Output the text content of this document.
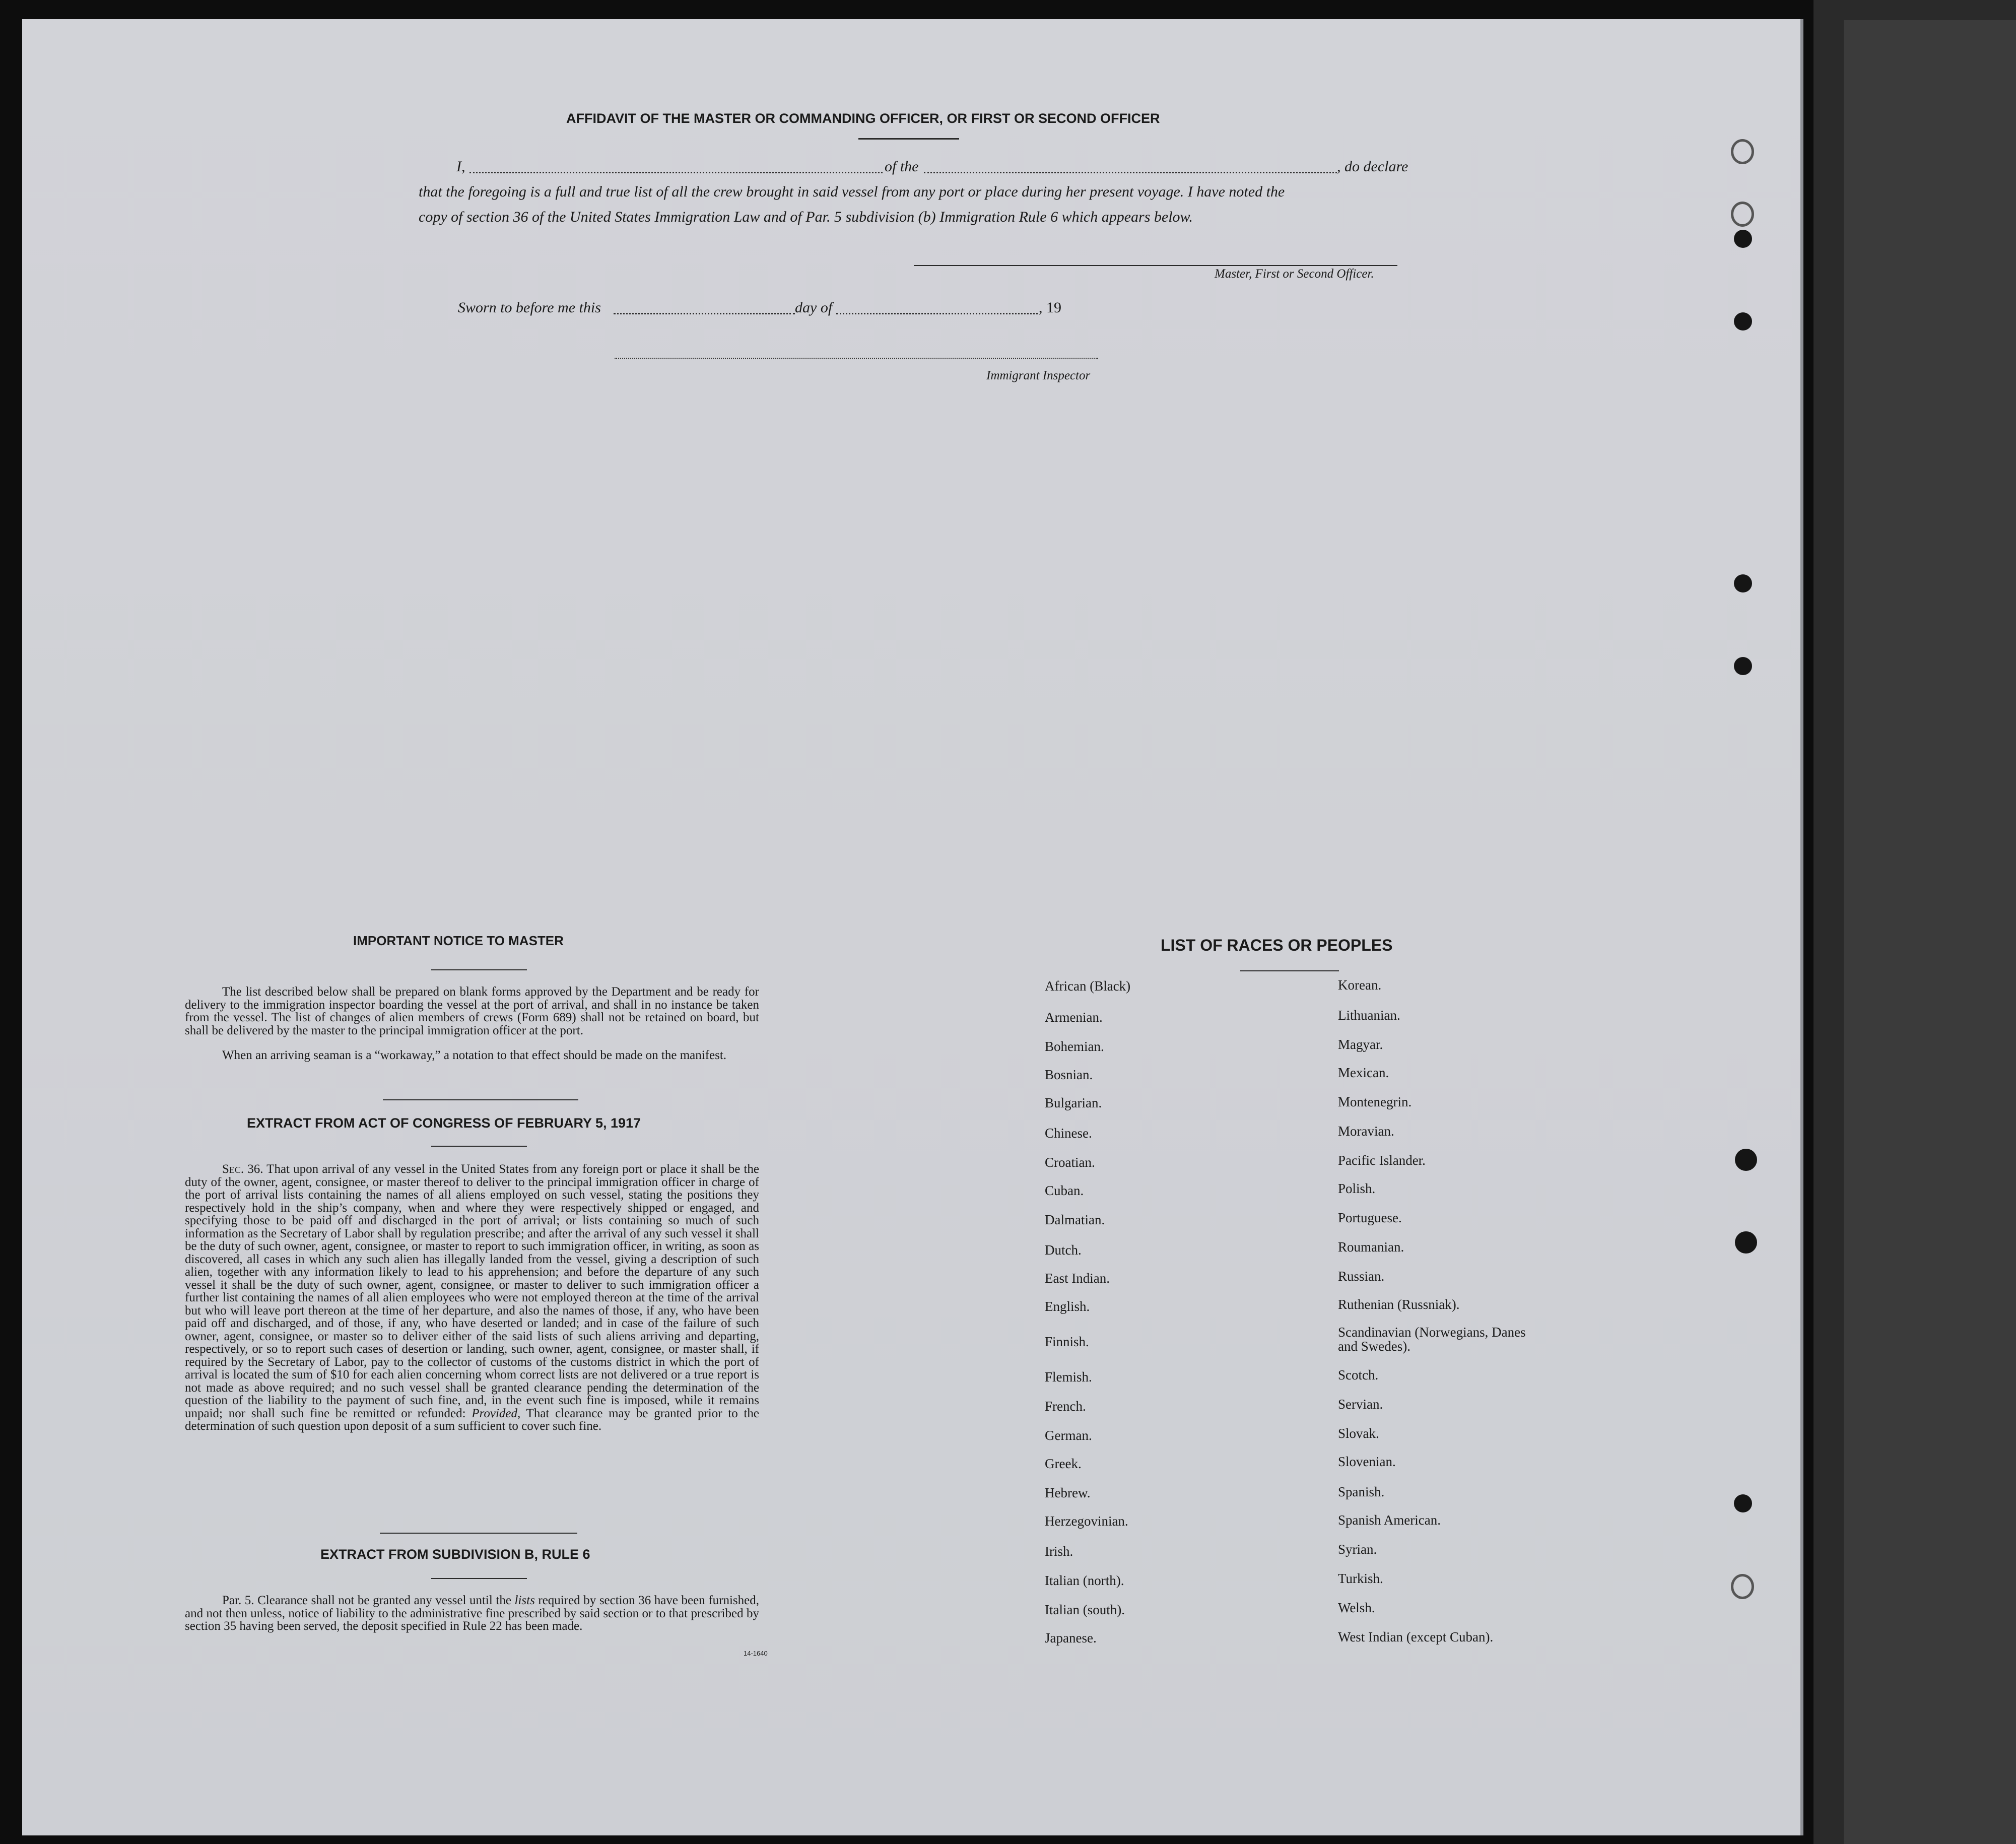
AFFIDAVIT OF THE MASTER OR COMMANDING OFFICER, OR FIRST OR SECOND OFFICER
I,	of the	, do declare
that the foregoing is a full and true list of all the crew brought in said vessel from any port or place during her present voyage. I have noted the
copy of section 36 of the United States Immigration Law and of Par. 5 subdivision (b) Immigration Rule 6 which appears below.
Master, First or Second Officer.
Sworn to before me this	day of	, 19
Immigrant Inspector
IMPORTANT NOTICE TO MASTER
The list described below shall be prepared on blank forms approved by the Department and be ready for delivery to the immigration inspector boarding the vessel at the port of arrival, and shall in no instance be taken from the vessel. The list of changes of alien members of crews (Form 689) shall not be retained on board, but shall be delivered by the master to the principal immigration officer at the port.
When an arriving seaman is a “workaway,” a notation to that effect should be made on the manifest.
EXTRACT FROM ACT OF CONGRESS OF FEBRUARY 5, 1917
Sec. 36. That upon arrival of any vessel in the United States from any foreign port or place it shall be the duty of the owner, agent, consignee, or master thereof to deliver to the principal immigration officer in charge of the port of arrival lists containing the names of all aliens employed on such vessel, stating the positions they respectively hold in the ship’s company, when and where they were respectively shipped or engaged, and specifying those to be paid off and discharged in the port of arrival; or lists containing so much of such information as the Secretary of Labor shall by regulation prescribe; and after the arrival of any such vessel it shall be the duty of such owner, agent, consignee, or master to report to such immigration officer, in writing, as soon as discovered, all cases in which any such alien has illegally landed from the vessel, giving a description of such alien, together with any information likely to lead to his apprehension; and before the departure of any such vessel it shall be the duty of such owner, agent, consignee, or master to deliver to such immigration officer a further list containing the names of all alien employees who were not employed thereon at the time of the arrival but who will leave port thereon at the time of her departure, and also the names of those, if any, who have been paid off and discharged, and of those, if any, who have deserted or landed; and in case of the failure of such owner, agent, consignee, or master so to deliver either of the said lists of such aliens arriving and departing, respectively, or so to report such cases of desertion or landing, such owner, agent, consignee, or master shall, if required by the Secretary of Labor, pay to the collector of customs of the customs district in which the port of arrival is located the sum of $10 for each alien concerning whom correct lists are not delivered or a true report is not made as above required; and no such vessel shall be granted clearance pending the determination of the question of the liability to the payment of such fine, and, in the event such fine is imposed, while it remains unpaid; nor shall such fine be remitted or refunded: Provided, That clearance may be granted prior to the determination of such question upon deposit of a sum sufficient to cover such fine.
EXTRACT FROM SUBDIVISION B, RULE 6
Par. 5. Clearance shall not be granted any vessel until the lists required by section 36 have been furnished, and not then unless, notice of liability to the administrative fine prescribed by said section or to that prescribed by section 35 having been served, the deposit specified in Rule 22 has been made.
14-1640
LIST OF RACES OR PEOPLES
African (Black)
Armenian.
Bohemian.
Bosnian.
Bulgarian.
Chinese.
Croatian.
Cuban.
Dalmatian.
Dutch.
East Indian.
English.
Finnish.
Flemish.
French.
German.
Greek.
Hebrew.
Herzegovinian.
Irish.
Italian (north).
Italian (south).
Japanese.
Korean.
Lithuanian.
Magyar.
Mexican.
Montenegrin.
Moravian.
Pacific Islander.
Polish.
Portuguese.
Roumanian.
Russian.
Ruthenian (Russniak).
Scandinavian (Norwegians, Danes and Swedes).
Scotch.
Servian.
Slovak.
Slovenian.
Spanish.
Spanish American.
Syrian.
Turkish.
Welsh.
West Indian (except Cuban).
